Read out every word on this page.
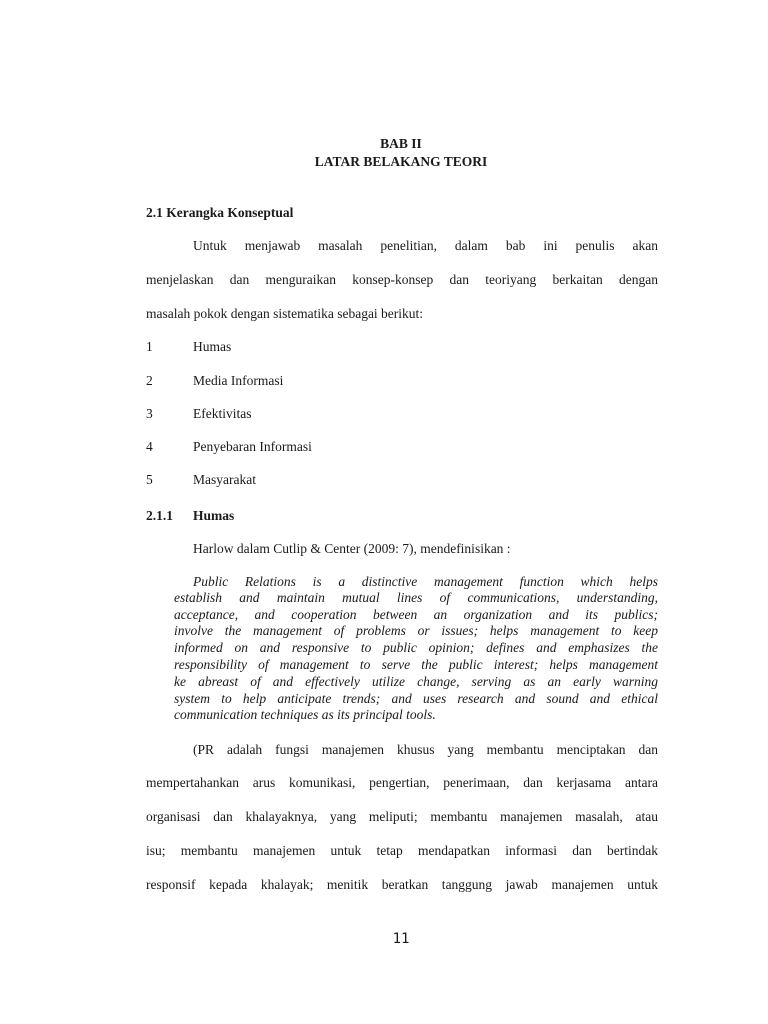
BAB II
LATAR BELAKANG TEORI
2.1 Kerangka Konseptual
Untuk menjawab masalah penelitian, dalam bab ini penulis akan
menjelaskan dan menguraikan konsep-konsep dan teoriyang berkaitan dengan
masalah pokok dengan sistematika sebagai berikut:
1	Humas
2	Media Informasi
3	Efektivitas
4	Penyebaran Informasi
5	Masyarakat
2.1.1 Humas
Harlow dalam Cutlip & Center (2009: 7), mendefinisikan :
Public Relations is a distinctive management function which helps
establish and maintain mutual lines of communications, understanding,
acceptance, and cooperation between an organization and its publics;
involve the management of problems or issues; helps management to keep
informed on and responsive to public opinion; defines and emphasizes the
responsibility of management to serve the public interest; helps management
ke abreast of and effectively utilize change, serving as an early warning
system to help anticipate trends; and uses research and sound and ethical
communication techniques as its principal tools.
(PR adalah fungsi manajemen khusus yang membantu menciptakan dan
mempertahankan arus komunikasi, pengertian, penerimaan, dan kerjasama antara
organisasi dan khalayaknya, yang meliputi; membantu manajemen masalah, atau
isu; membantu manajemen untuk tetap mendapatkan informasi dan bertindak
responsif kepada khalayak; menitik beratkan tanggung jawab manajemen untuk
11
